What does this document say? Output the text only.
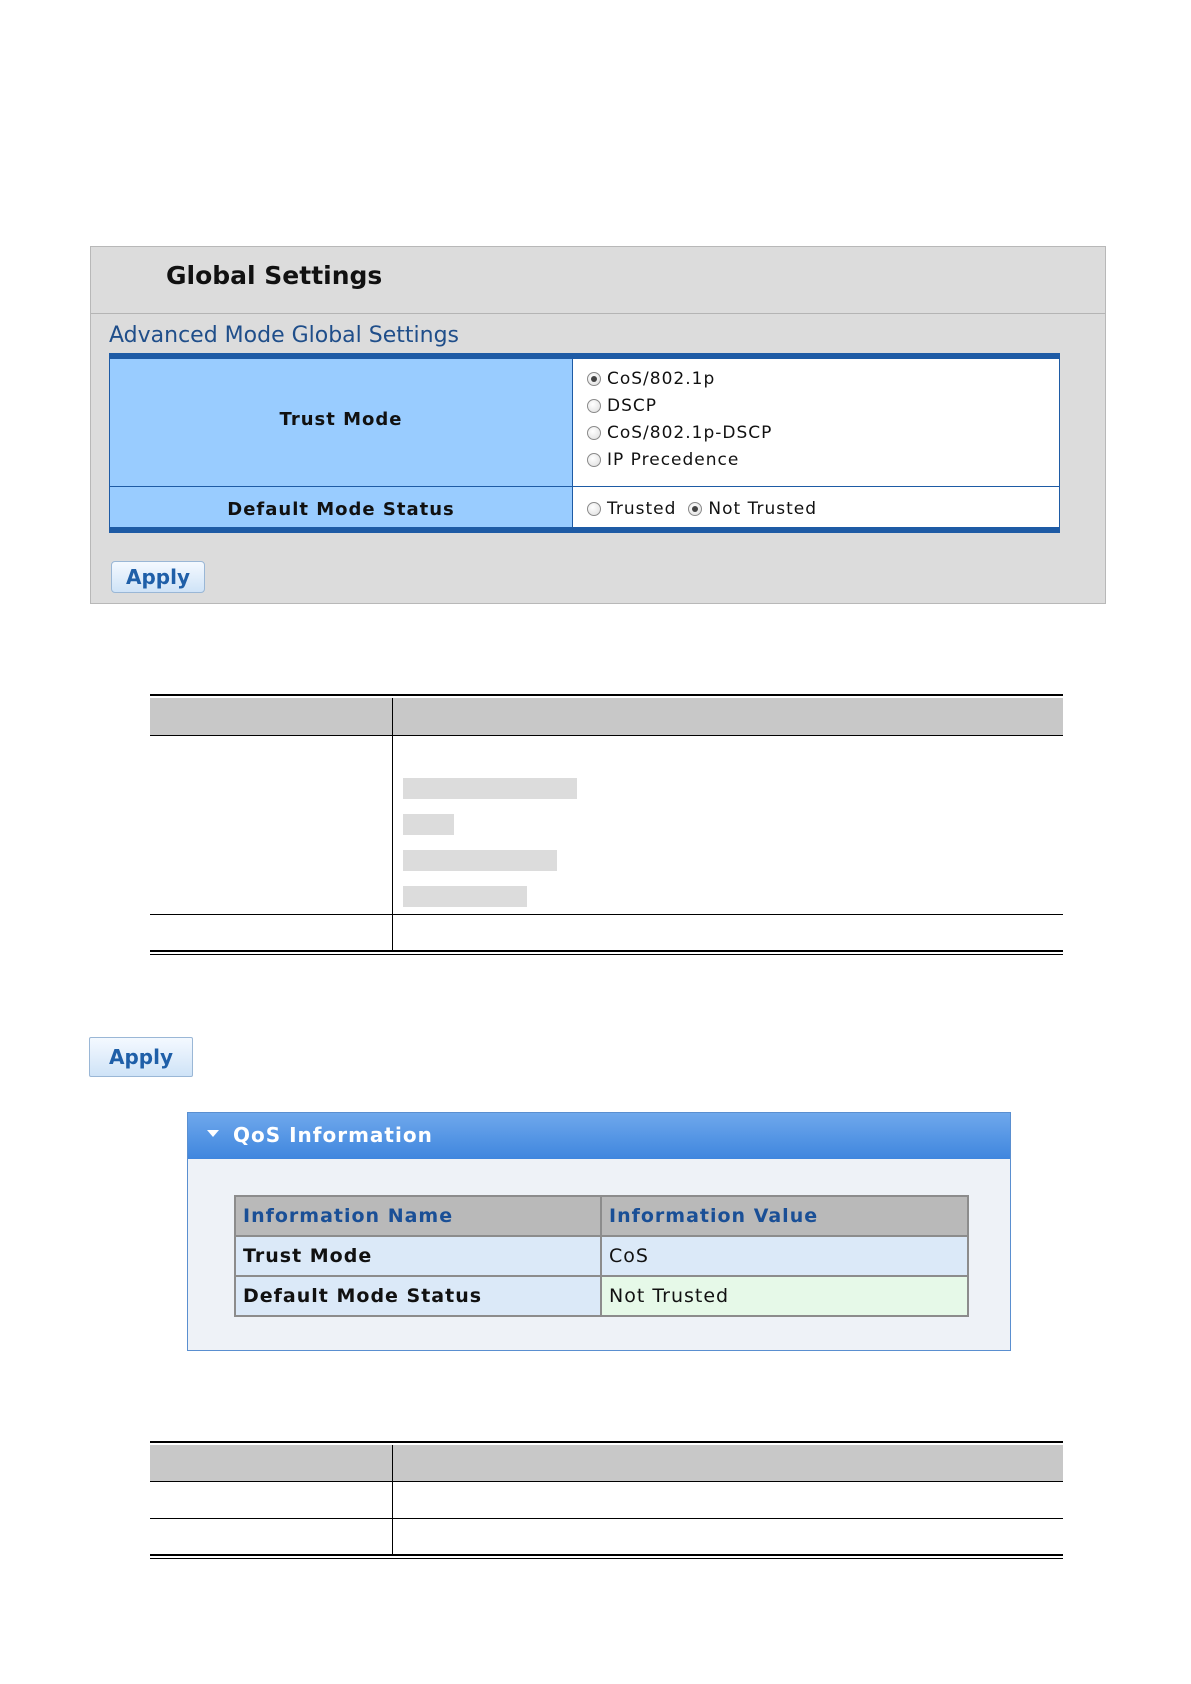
Global Settings
Advanced Mode Global Settings
Trust Mode	CoS/802.1p
DSCP
CoS/802.1p-DSCP
IP Precedence

Default Mode Status	Trusted Not Trusted
Apply
Apply
QoS Information
Information Name	Information Value
Trust Mode	CoS
Default Mode Status	Not Trusted
